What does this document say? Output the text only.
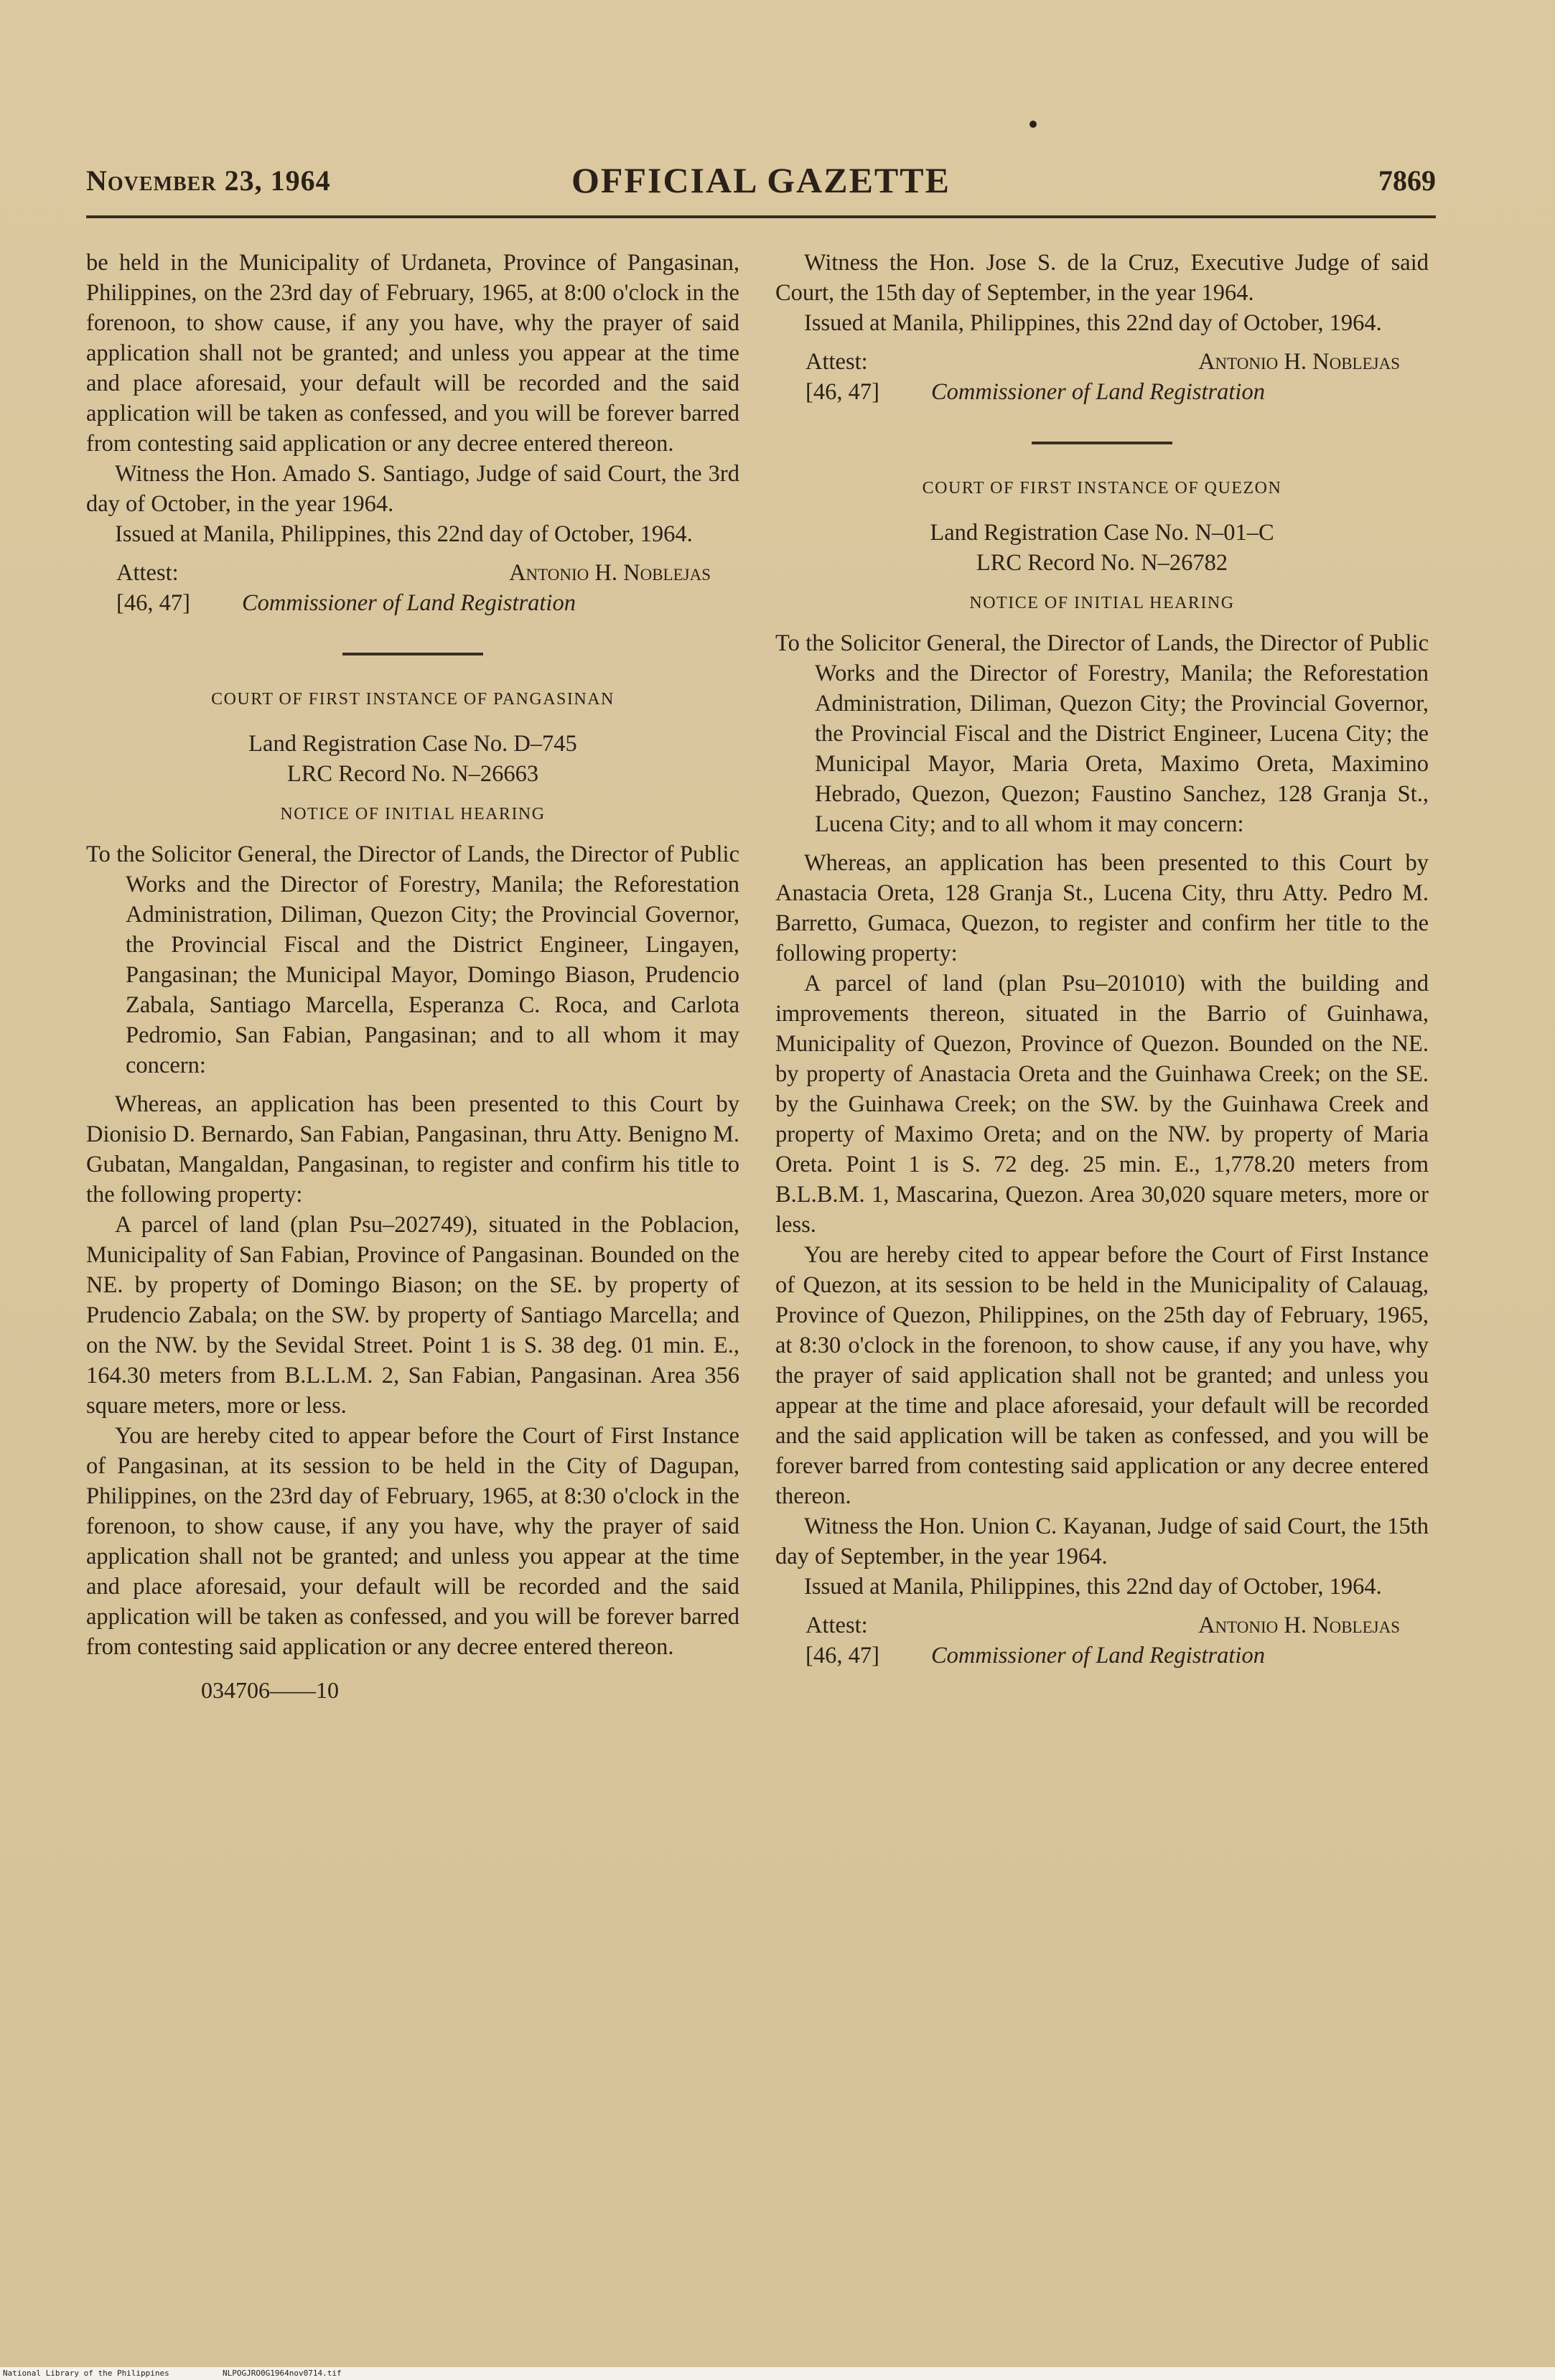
November 23, 1964	OFFICIAL GAZETTE	7869

be held in the Municipality of Urdaneta, Province of Pangasinan, Philippines, on the 23rd day of February, 1965, at 8:00 o'clock in the forenoon, to show cause, if any you have, why the prayer of said application shall not be granted; and unless you appear at the time and place aforesaid, your default will be recorded and the said application will be taken as confessed, and you will be forever barred from contesting said application or any decree entered thereon.

Witness the Hon. Amado S. Santiago, Judge of said Court, the 3rd day of October, in the year 1964.

Issued at Manila, Philippines, this 22nd day of October, 1964.

Attest:	Antonio H. Noblejas
[46, 47]	Commissioner of Land Registration
COURT OF FIRST INSTANCE OF PANGASINAN
Land Registration Case No. D–745
LRC Record No. N–26663
NOTICE OF INITIAL HEARING

To the Solicitor General, the Director of Lands, the Director of Public Works and the Director of Forestry, Manila; the Reforestation Administration, Diliman, Quezon City; the Provincial Governor, the Provincial Fiscal and the District Engineer, Lingayen, Pangasinan; the Municipal Mayor, Domingo Biason, Prudencio Zabala, Santiago Marcella, Esperanza C. Roca, and Carlota Pedromio, San Fabian, Pangasinan; and to all whom it may concern:

Whereas, an application has been presented to this Court by Dionisio D. Bernardo, San Fabian, Pangasinan, thru Atty. Benigno M. Gubatan, Mangaldan, Pangasinan, to register and confirm his title to the following property:

A parcel of land (plan Psu–202749), situated in the Poblacion, Municipality of San Fabian, Province of Pangasinan. Bounded on the NE. by property of Domingo Biason; on the SE. by property of Prudencio Zabala; on the SW. by property of Santiago Marcella; and on the NW. by the Sevidal Street. Point 1 is S. 38 deg. 01 min. E., 164.30 meters from B.L.L.M. 2, San Fabian, Pangasinan. Area 356 square meters, more or less.

You are hereby cited to appear before the Court of First Instance of Pangasinan, at its session to be held in the City of Dagupan, Philippines, on the 23rd day of February, 1965, at 8:30 o'clock in the forenoon, to show cause, if any you have, why the prayer of said application shall not be granted; and unless you appear at the time and place aforesaid, your default will be recorded and the said application will be taken as confessed, and you will be forever barred from contesting said application or any decree entered thereon.

034706——10

Witness the Hon. Jose S. de la Cruz, Executive Judge of said Court, the 15th day of September, in the year 1964.

Issued at Manila, Philippines, this 22nd day of October, 1964.

Attest:	Antonio H. Noblejas
[46, 47]	Commissioner of Land Registration
COURT OF FIRST INSTANCE OF QUEZON
Land Registration Case No. N–01–C
LRC Record No. N–26782
NOTICE OF INITIAL HEARING

To the Solicitor General, the Director of Lands, the Director of Public Works and the Director of Forestry, Manila; the Reforestation Administration, Diliman, Quezon City; the Provincial Governor, the Provincial Fiscal and the District Engineer, Lucena City; the Municipal Mayor, Maria Oreta, Maximo Oreta, Maximino Hebrado, Quezon, Quezon; Faustino Sanchez, 128 Granja St., Lucena City; and to all whom it may concern:

Whereas, an application has been presented to this Court by Anastacia Oreta, 128 Granja St., Lucena City, thru Atty. Pedro M. Barretto, Gumaca, Quezon, to register and confirm her title to the following property:

A parcel of land (plan Psu–201010) with the building and improvements thereon, situated in the Barrio of Guinhawa, Municipality of Quezon, Province of Quezon. Bounded on the NE. by property of Anastacia Oreta and the Guinhawa Creek; on the SE. by the Guinhawa Creek; on the SW. by the Guinhawa Creek and property of Maximo Oreta; and on the NW. by property of Maria Oreta. Point 1 is S. 72 deg. 25 min. E., 1,778.20 meters from B.L.B.M. 1, Mascarina, Quezon. Area 30,020 square meters, more or less.

You are hereby cited to appear before the Court of First Instance of Quezon, at its session to be held in the Municipality of Calauag, Province of Quezon, Philippines, on the 25th day of February, 1965, at 8:30 o'clock in the forenoon, to show cause, if any you have, why the prayer of said application shall not be granted; and unless you appear at the time and place aforesaid, your default will be recorded and the said application will be taken as confessed, and you will be forever barred from contesting said application or any decree entered thereon.

Witness the Hon. Union C. Kayanan, Judge of said Court, the 15th day of September, in the year 1964.

Issued at Manila, Philippines, this 22nd day of October, 1964.

Attest:	Antonio H. Noblejas
[46, 47]	Commissioner of Land Registration
National Library of the Philippines	NLPOGJRO0G1964nov0714.tif
